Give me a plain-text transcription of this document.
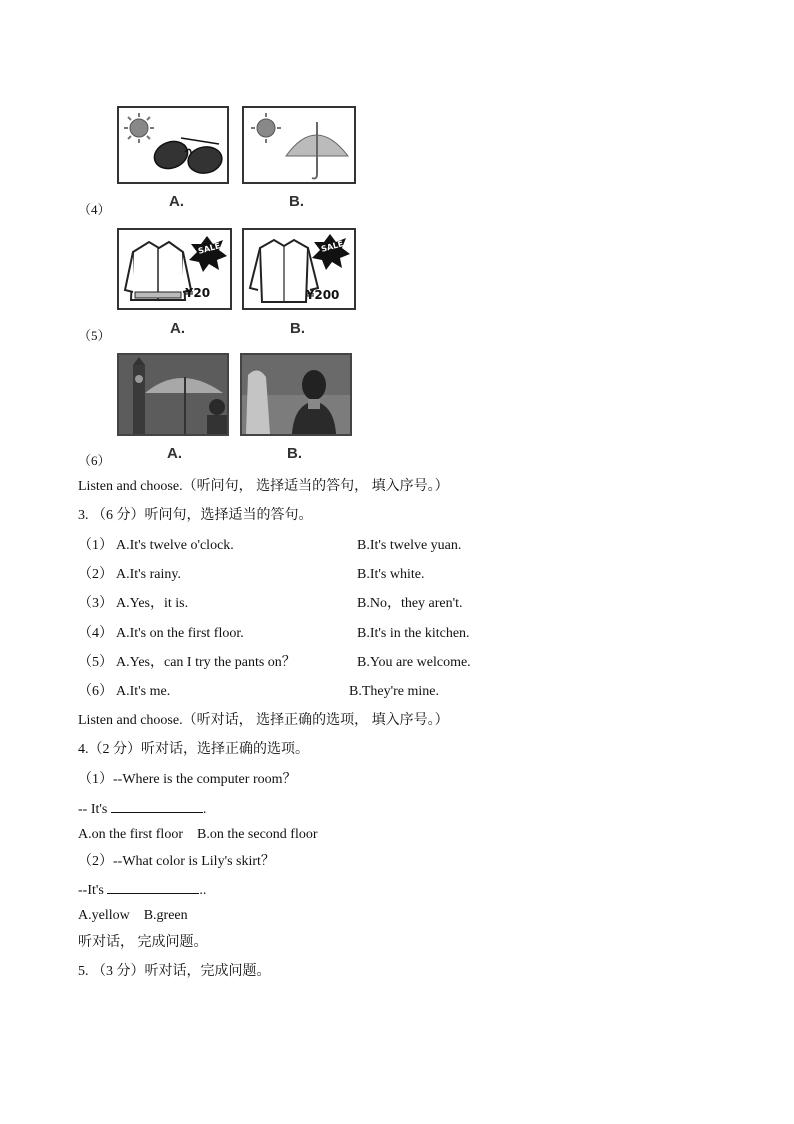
（4）	A.	B.
SALE
¥20
SALE
¥200
（5）	A.	B.
（6）	A.	B.
Listen and choose.（听问句， 选择适当的答句， 填入序号。）
3. （6 分）听问句，选择适当的答句。
（1） A.It's twelve o'clock.	B.It's twelve yuan.
（2） A.It's rainy.	B.It's white.
（3） A.Yes，it is.	B.No，they aren't.
（4） A.It's on the first floor.	B.It's in the kitchen.
（5） A.Yes，can I try the pants on？	B.You are welcome.
（6） A.It's me.	B.They're mine.
Listen and choose.（听对话， 选择正确的选项， 填入序号。）
4.（2 分）听对话，选择正确的选项。
（1）--Where is the computer room？
-- It's	.
A.on the first floor    B.on the second floor
（2）--What color is Lily's skirt？
--It's	..
A.yellow    B.green
听对话， 完成问题。
5. （3 分）听对话，完成问题。
